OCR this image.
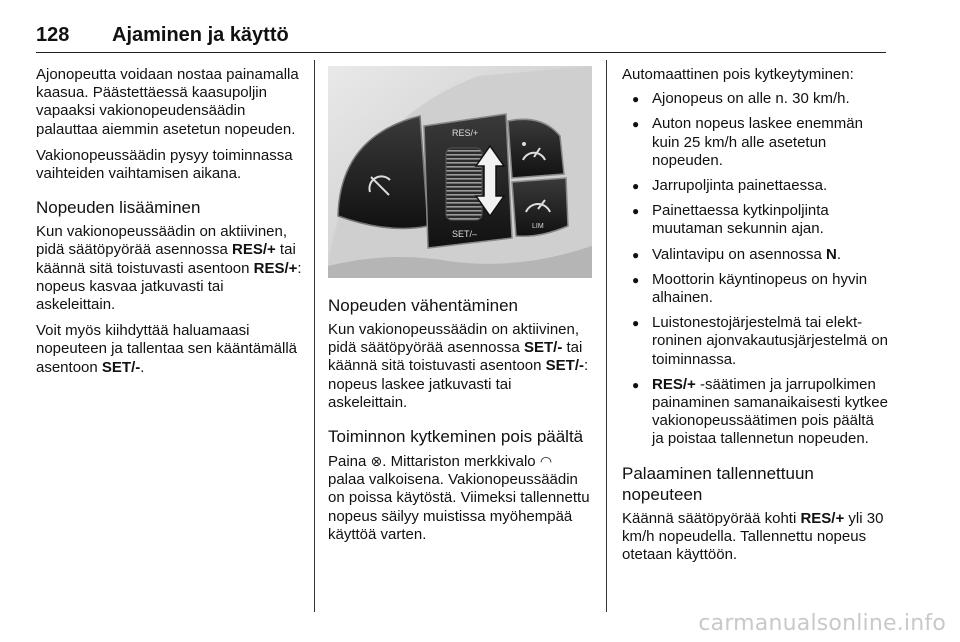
128 Ajaminen ja käyttö

Ajonopeutta voidaan nostaa painamalla kaasua. Päästettäessä kaasupoljin vapaaksi vakionopeudensäädin palauttaa aiemmin asetetun nopeuden.

Vakionopeussäädin pysyy toiminnassa vaihteiden vaihtamisen aikana.

Nopeuden lisääminen

Kun vakionopeussäädin on aktiivinen, pidä säätöpyörää asennossa RES/+ tai käännä sitä toistuvasti asentoon RES/+: nopeus kasvaa jatkuvasti tai askeleittain.

Voit myös kiihdyttää haluamaasi nopeuteen ja tallentaa sen kääntämällä asentoon SET/-.

RES/+
SET/–
LIM
Nopeuden vähentäminen

Kun vakionopeussäädin on aktiivinen, pidä säätöpyörää asennossa SET/- tai käännä sitä toistuvasti asentoon SET/-: nopeus laskee jatkuvasti tai askeleittain.

Toiminnon kytkeminen pois päältä

Paina ⊗. Mittariston merkkivalo ◠ palaa valkoisena. Vakionopeussäädin on poissa käytöstä. Viimeksi tallennettu nopeus säilyy muistissa myöhempää käyttöä varten.

Automaattinen pois kytkeytyminen:

● Ajonopeus on alle n. 30 km/h.
● Auton nopeus laskee enemmän kuin 25 km/h alle asetetun nopeuden.
● Jarrupoljinta painettaessa.
● Painettaessa kytkinpoljinta muutaman sekunnin ajan.
● Valintavipu on asennossa N.
● Moottorin käyntinopeus on hyvin alhainen.
● Luistonestojärjestelmä tai elektroninen ajonvakautusjärjestelmä on toiminnassa.
● RES/+ -säätimen ja jarrupolkimen painaminen samanaikaisesti kytkee vakionopeussäätimen pois päältä ja poistaa tallennetun nopeuden.
Palaaminen tallennettuun nopeuteen

Käännä säätöpyörää kohti RES/+ yli 30 km/h nopeudella. Tallennettu nopeus otetaan käyttöön.

carmanualsonline.info
